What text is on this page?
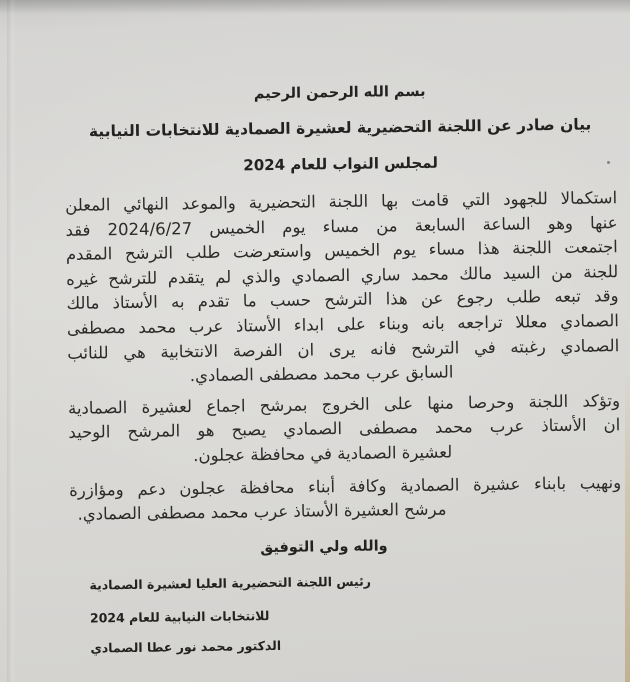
بسم الله الرحمن الرحيم
بيان صادر عن اللجنة التحضيرية لعشيرة الصمادية للانتخابات النيابية
لمجلس النواب للعام 2024
استكمالا للجهود التي قامت بها اللجنة التحضيرية والموعد النهائي المعلن
عنها وهو الساعة السابعة من مساء يوم الخميس 2024/6/27 فقد
اجتمعت اللجنة هذا مساء يوم الخميس واستعرضت طلب الترشح المقدم
للجنة من السيد مالك محمد ساري الصمادي والذي لم يتقدم للترشح غيره
وقد تبعه طلب رجوع عن هذا الترشح حسب ما تقدم به الأستاذ مالك
الصمادي معللا تراجعه بانه وبناء على ابداء الأستاذ عرب محمد مصطفى
الصمادي رغبته في الترشح فانه يرى ان الفرصة الانتخابية هي للنائب
السابق عرب محمد مصطفى الصمادي.
وتؤكد اللجنة وحرصا منها على الخروج بمرشح اجماع لعشيرة الصمادية
ان الأستاذ عرب محمد مصطفى الصمادي يصبح هو المرشح الوحيد
لعشيرة الصمادية في محافظة عجلون.
ونهيب بابناء عشيرة الصمادية وكافة أبناء محافظة عجلون دعم ومؤازرة
مرشح العشيرة الأستاذ عرب محمد مصطفى الصمادي.
والله ولي التوفيق
رئيس اللجنة التحضيرية العليا لعشيرة الصمادية
للانتخابات النيابية للعام 2024
الدكتور محمد نور عطا الصمادي
